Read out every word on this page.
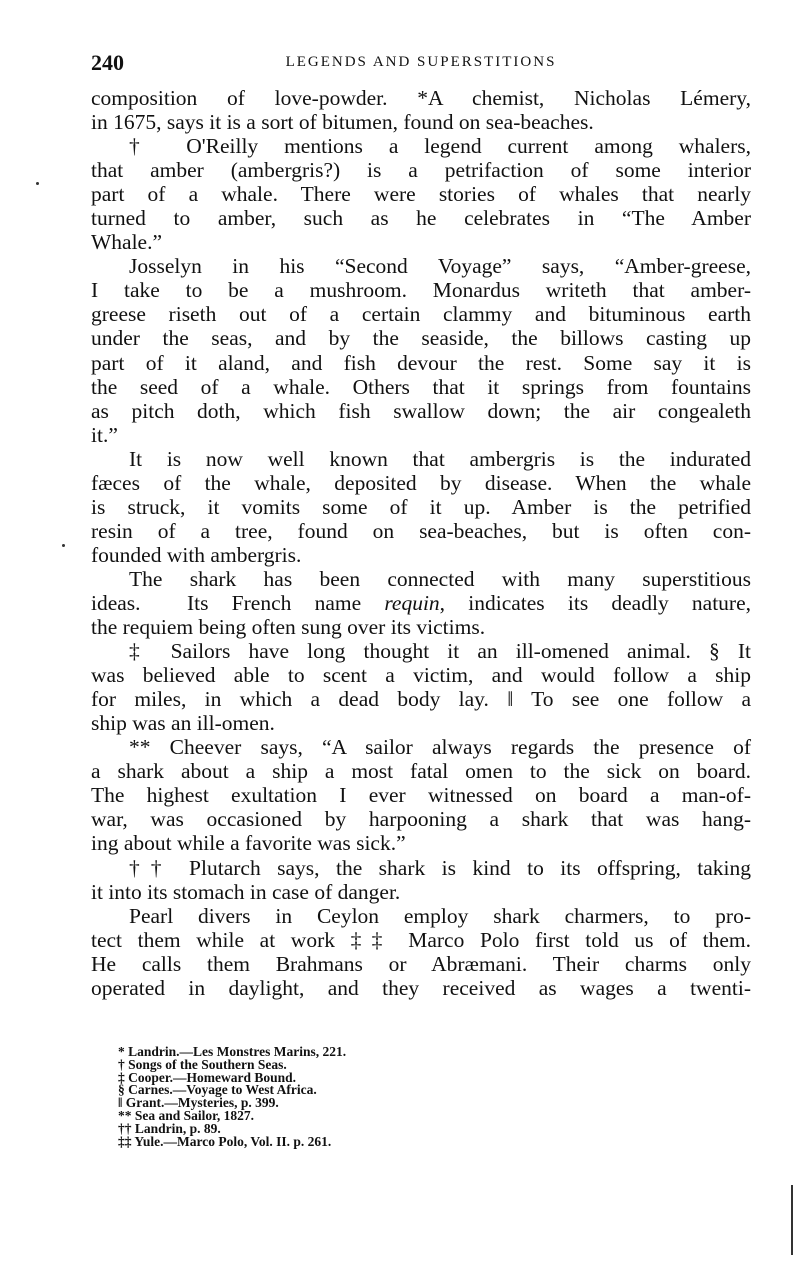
240	LEGENDS AND SUPERSTITIONS
composition of love-powder. *A chemist, Nicholas Lémery,
in 1675, says it is a sort of bitumen, found on sea-beaches.
† O'Reilly mentions a legend current among whalers,
that amber (ambergris?) is a petrifaction of some interior
part of a whale. There were stories of whales that nearly
turned to amber, such as he celebrates in “The Amber
Whale.”
Josselyn in his “Second Voyage” says, “Amber-greese,
I take to be a mushroom. Monardus writeth that amber-
greese riseth out of a certain clammy and bituminous earth
under the seas, and by the seaside, the billows casting up
part of it aland, and fish devour the rest. Some say it is
the seed of a whale. Others that it springs from fountains
as pitch doth, which fish swallow down; the air congealeth
it.”
It is now well known that ambergris is the indurated
fæces of the whale, deposited by disease. When the whale
is struck, it vomits some of it up. Amber is the petrified
resin of a tree, found on sea-beaches, but is often con-
founded with ambergris.
The shark has been connected with many superstitious
ideas.  Its French name requin, indicates its deadly nature,
the requiem being often sung over its victims.
‡ Sailors have long thought it an ill-omened animal. § It
was believed able to scent a victim, and would follow a ship
for miles, in which a dead body lay. ‖ To see one follow a
ship was an ill-omen.
** Cheever says, “A sailor always regards the presence of
a shark about a ship a most fatal omen to the sick on board.
The highest exultation I ever witnessed on board a man-of-
war, was occasioned by harpooning a shark that was hang-
ing about while a favorite was sick.”
†† Plutarch says, the shark is kind to its offspring, taking
it into its stomach in case of danger.
Pearl divers in Ceylon employ shark charmers, to pro-
tect them while at work ‡‡ Marco Polo first told us of them.
He calls them Brahmans or Abræmani. Their charms only
operated in daylight, and they received as wages a twenti-
* Landrin.—Les Monstres Marins, 221.
† Songs of the Southern Seas.
‡ Cooper.—Homeward Bound.
§ Carnes.—Voyage to West Africa.
‖ Grant.—Mysteries, p. 399.
** Sea and Sailor, 1827.
†† Landrin, p. 89.
‡‡ Yule.—Marco Polo, Vol. II. p. 261.
